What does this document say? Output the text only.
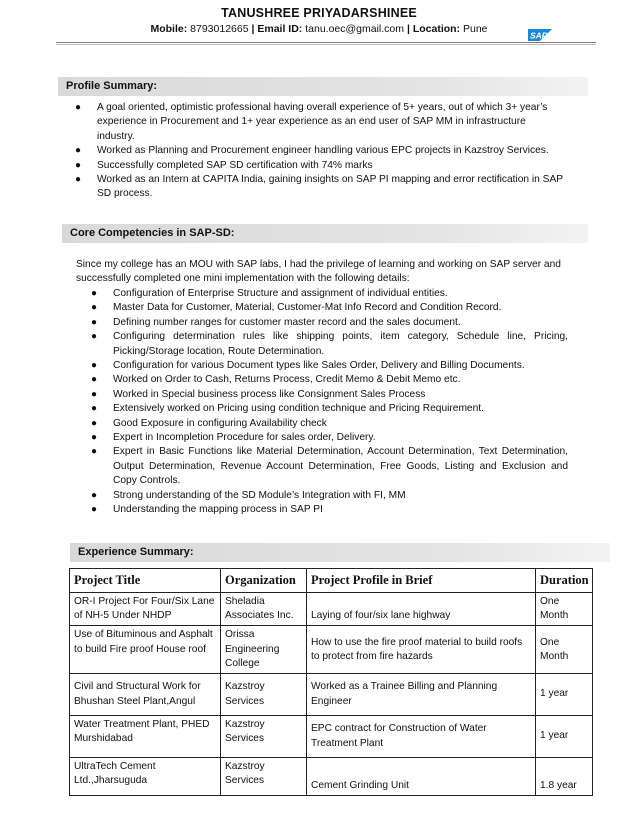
TANUSHREE PRIYADARSHINEE
Mobile: 8793012665 | Email ID: tanu.oec@gmail.com | Location: Pune
SAP
Profile Summary:
● A goal oriented, optimistic professional having overall experience of 5+ years, out of which 3+ year’s experience in Procurement and 1+ year experience as an end user of SAP MM in infrastructure industry.
● Worked as Planning and Procurement engineer handling various EPC projects in Kazstroy Services.
● Successfully completed SAP SD certification with 74% marks
● Worked as an Intern at CAPITA India, gaining insights on SAP PI mapping and error rectification in SAP SD process.
Core Competencies in SAP-SD:
Since my college has an MOU with SAP labs, I had the privilege of learning and working on SAP server and successfully completed one mini implementation with the following details:
● Configuration of Enterprise Structure and assignment of individual entities.
● Master Data for Customer, Material, Customer-Mat Info Record and Condition Record.
● Defining number ranges for customer master record and the sales document.
● Configuring determination rules like shipping points, item category, Schedule line, Pricing, Picking/Storage location, Route Determination.
● Configuration for various Document types like Sales Order, Delivery and Billing Documents.
● Worked on Order to Cash, Returns Process, Credit Memo & Debit Memo etc.
● Worked in Special business process like Consignment Sales Process
● Extensively worked on Pricing using condition technique and Pricing Requirement.
● Good Exposure in configuring Availability check
● Expert in Incompletion Procedure for sales order, Delivery.
● Expert in Basic Functions like Material Determination, Account Determination, Text Determination, Output Determination, Revenue Account Determination, Free Goods, Listing and Exclusion and Copy Controls.
● Strong understanding of the SD Module’s Integration with FI, MM
● Understanding the mapping process in SAP PI
Experience Summary:
Project Title	Organization	Project Profile in Brief	Duration
OR-I Project For Four/Six Lane of NH-5 Under NHDP	Sheladia Associates Inc.	Laying of four/six lane highway	One Month
Use of Bituminous and Asphalt to build Fire proof House roof	Orissa Engineering College	How to use the fire proof material to build roofs to protect from fire hazards	One Month
Civil and Structural Work for Bhushan Steel Plant,Angul	Kazstroy Services	Worked as a Trainee Billing and Planning Engineer	1 year
Water Treatment Plant, PHED Murshidabad	Kazstroy Services	EPC contract for Construction of Water Treatment Plant	1 year
UltraTech Cement Ltd.,Jharsuguda	Kazstroy Services	Cement Grinding Unit	1.8 year
